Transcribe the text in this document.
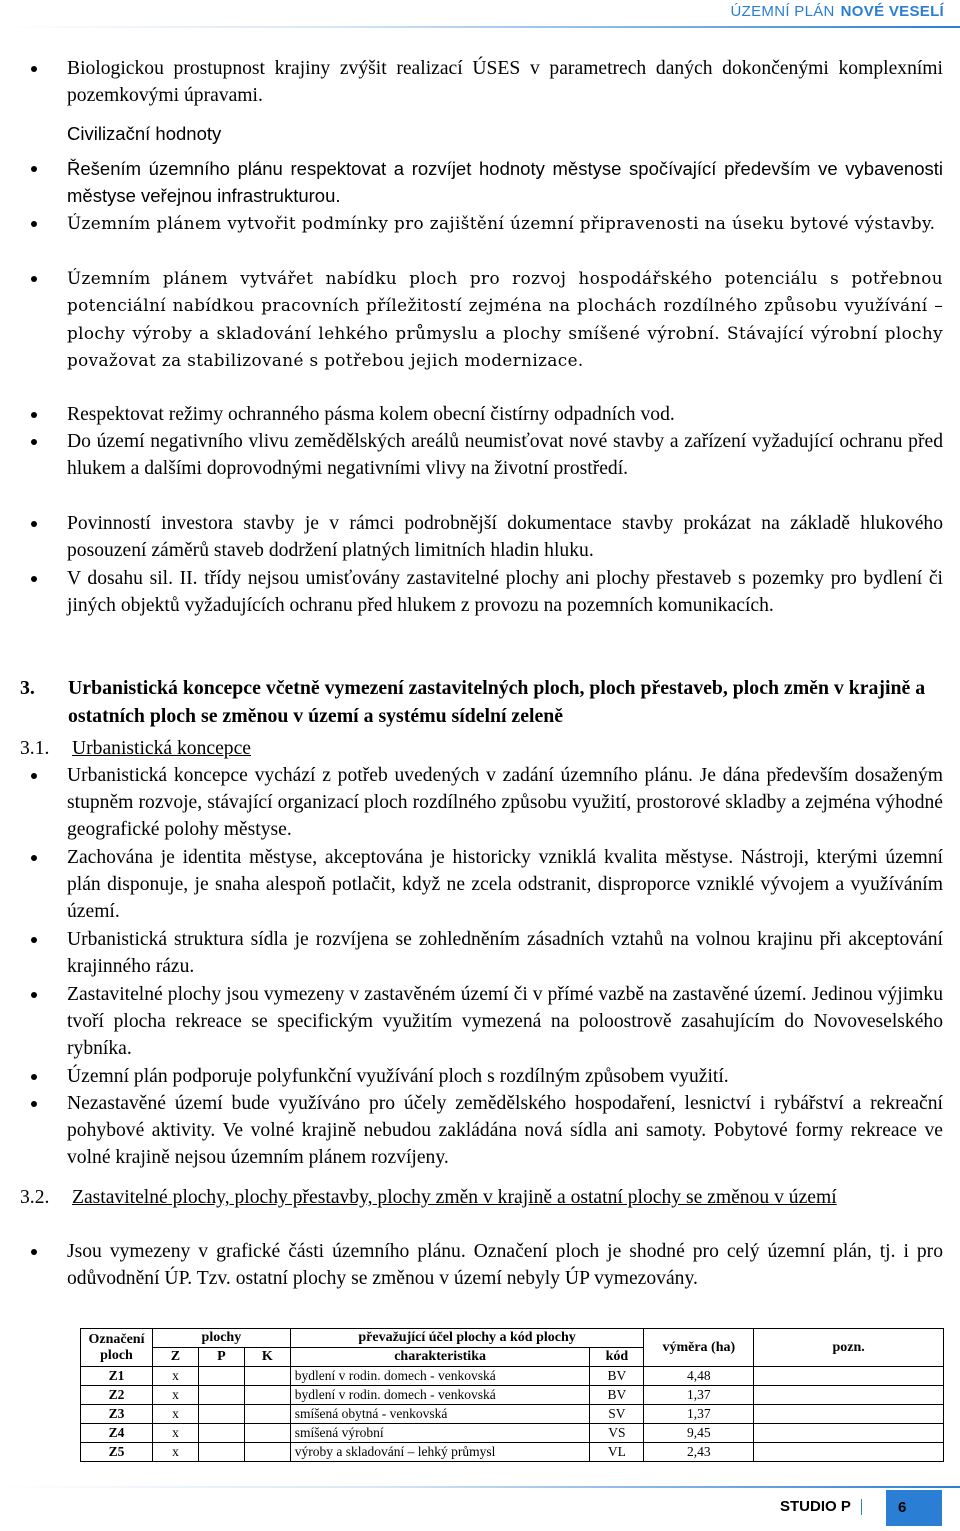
ÚZEMNÍ PLÁN NOVÉ VESELÍ
Biologickou prostupnost krajiny zvýšit realizací ÚSES v parametrech daných dokončenými komplexními pozemkovými úpravami.
Civilizační hodnoty
Řešením územního plánu respektovat a rozvíjet hodnoty městyse spočívající především ve vybavenosti městyse veřejnou infrastrukturou.
Územním plánem vytvořit podmínky pro zajištění územní připravenosti na úseku bytové výstavby.
Územním plánem vytvářet nabídku ploch pro rozvoj hospodářského potenciálu s potřebnou potenciální nabídkou pracovních příležitostí zejména na plochách rozdílného způsobu využívání – plochy výroby a skladování lehkého průmyslu a plochy smíšené výrobní. Stávající výrobní plochy považovat za stabilizované s potřebou jejich modernizace.
Respektovat režimy ochranného pásma kolem obecní čistírny odpadních vod.
Do území negativního vlivu zemědělských areálů neumisťovat nové stavby a zařízení vyžadující ochranu před hlukem a dalšími doprovodnými negativními vlivy na životní prostředí.
Povinností investora stavby je v rámci podrobnější dokumentace stavby prokázat na základě hlukového posouzení záměrů staveb dodržení platných limitních hladin hluku.
V dosahu sil. II. třídy nejsou umisťovány zastavitelné plochy ani plochy přestaveb s pozemky pro bydlení či jiných objektů vyžadujících ochranu před hlukem z provozu na pozemních komunikacích.
3. Urbanistická koncepce včetně vymezení zastavitelných ploch, ploch přestaveb, ploch změn v krajině a ostatních ploch se změnou v území a systému sídelní zeleně
3.1. Urbanistická koncepce
Urbanistická koncepce vychází z potřeb uvedených v zadání územního plánu. Je dána především dosaženým stupněm rozvoje, stávající organizací ploch rozdílného způsobu využití, prostorové skladby a zejména výhodné geografické polohy městyse.
Zachována je identita městyse, akceptována je historicky vzniklá kvalita městyse. Nástroji, kterými územní plán disponuje, je snaha alespoň potlačit, když ne zcela odstranit, disproporce vzniklé vývojem a využíváním území.
Urbanistická struktura sídla je rozvíjena se zohledněním zásadních vztahů na volnou krajinu při akceptování krajinného rázu.
Zastavitelné plochy jsou vymezeny v zastavěném území či v přímé vazbě na zastavěné území. Jedinou výjimku tvoří plocha rekreace se specifickým využitím vymezená na poloostrově zasahujícím do Novoveselského rybníka.
Územní plán podporuje polyfunkční využívání ploch s rozdílným způsobem využití.
Nezastavěné území bude využíváno pro účely zemědělského hospodaření, lesnictví i rybářství a rekreační pohybové aktivity. Ve volné krajině nebudou zakládána nová sídla ani samoty. Pobytové formy rekreace ve volné krajině nejsou územním plánem rozvíjeny.
3.2. Zastavitelné plochy, plochy přestavby, plochy změn v krajině a ostatní plochy se změnou v území
Jsou vymezeny v grafické části územního plánu. Označení ploch je shodné pro celý územní plán, tj. i pro odůvodnění ÚP. Tzv. ostatní plochy se změnou v území nebyly ÚP vymezovány.
Označení ploch	plochy			převažující účel plochy a kód plochy		výměra (ha)	pozn.
	Z	P	K	charakteristika	kód		
Z1	x			bydlení v rodin. domech - venkovská	BV	4,48	
Z2	x			bydlení v rodin. domech - venkovská	BV	1,37	
Z3	x			smíšená obytná - venkovská	SV	1,37	
Z4	x			smíšená výrobní	VS	9,45	
Z5	x			výroby a skladování – lehký průmysl	VL	2,43	
STUDIO P	6
